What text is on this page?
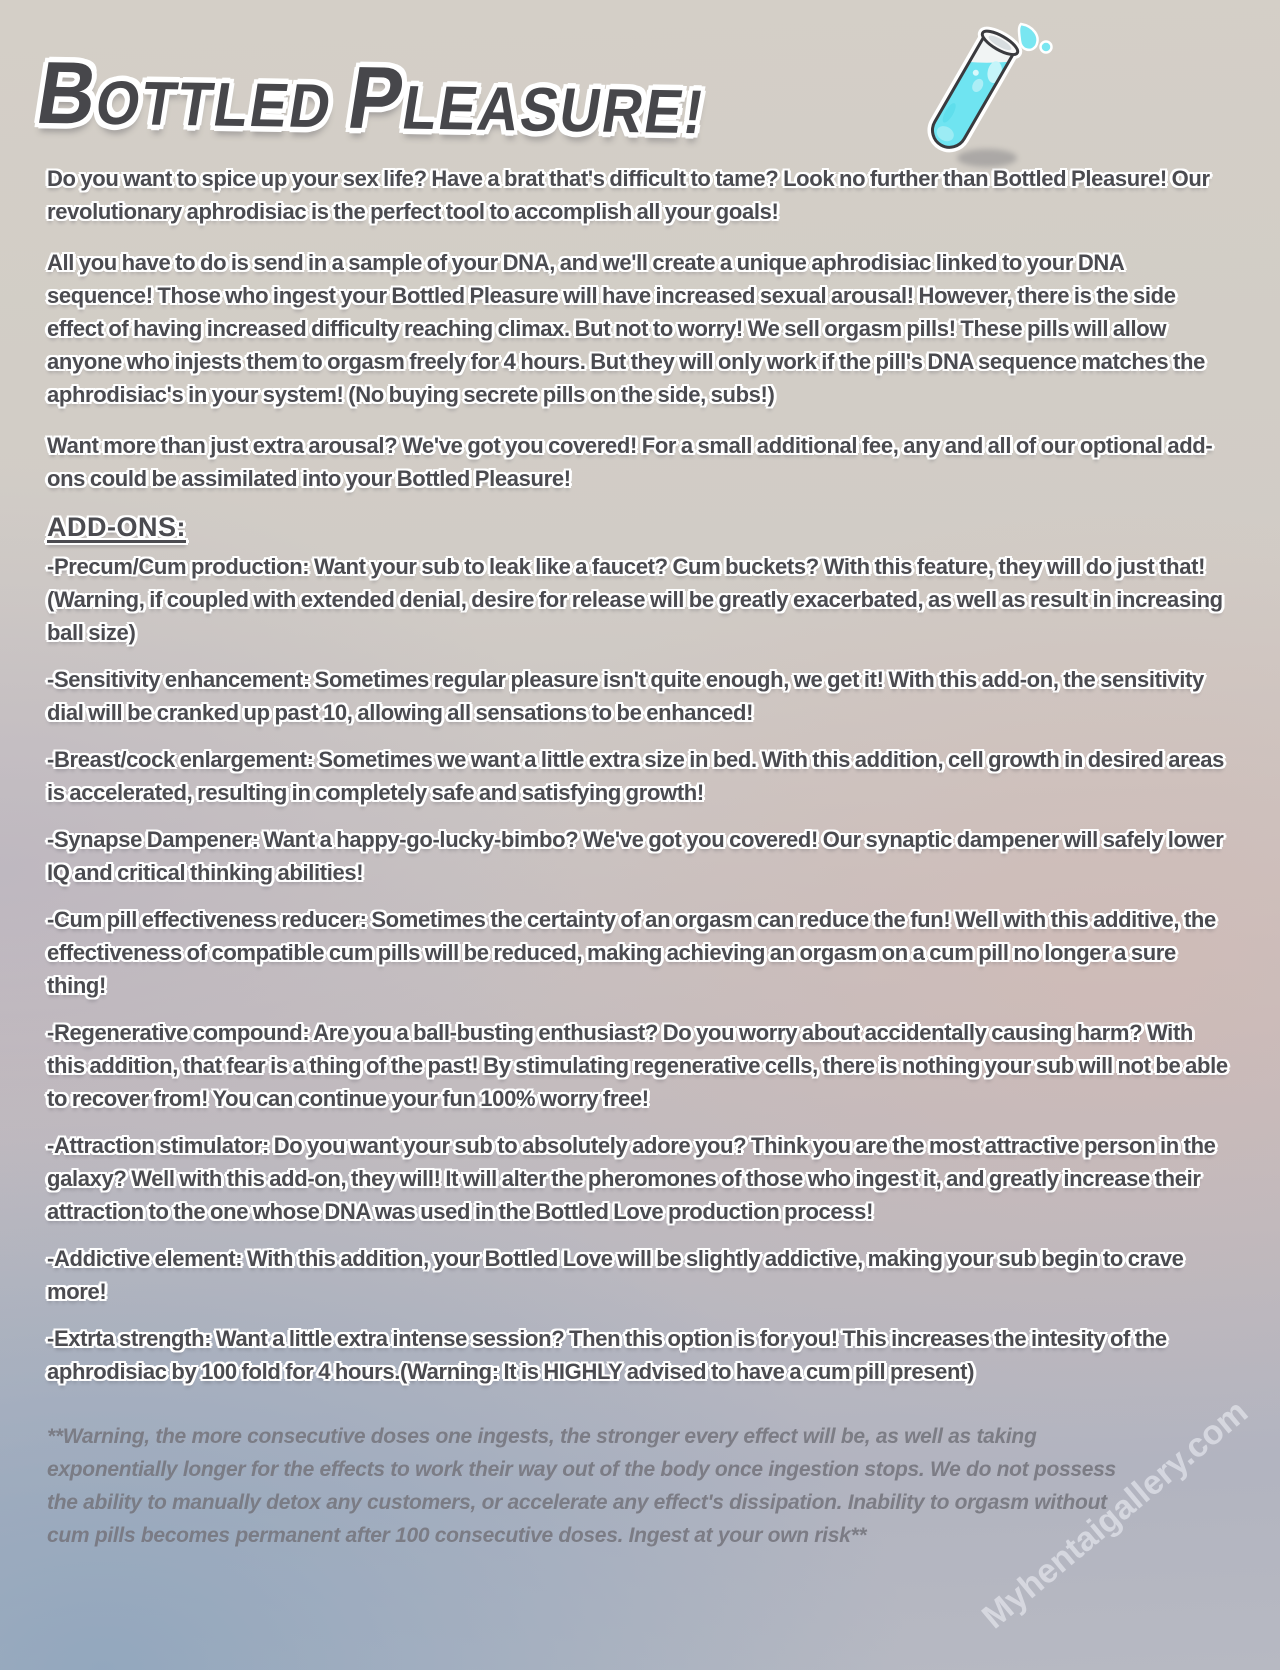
BOTTLEDPLEASURE!

Do you want to spice up your sex life? Have a brat that's difficult to tame? Look no further than Bottled Pleasure! Our revolutionary aphrodisiac is the perfect tool to accomplish all your goals!

All you have to do is send in a sample of your DNA, and we'll create a unique aphrodisiac linked to your DNA sequence! Those who ingest your Bottled Pleasure will have increased sexual arousal! However, there is the side effect of having increased difficulty reaching climax. But not to worry! We sell orgasm pills! These pills will allow anyone who injests them to orgasm freely for 4 hours. But they will only work if the pill's DNA sequence matches the aphrodisiac's in your system! (No buying secrete pills on the side, subs!)

Want more than just extra arousal? We've got you covered! For a small additional fee, any and all of our optional add-ons could be assimilated into your Bottled Pleasure!

ADD-ONS:

-Precum/Cum production: Want your sub to leak like a faucet? Cum buckets? With this feature, they will do just that! (Warning, if coupled with extended denial, desire for release will be greatly exacerbated, as well as result in increasing ball size)

-Sensitivity enhancement: Sometimes regular pleasure isn't quite enough, we get it! With this add-on, the sensitivity dial will be cranked up past 10, allowing all sensations to be enhanced!

-Breast/cock enlargement: Sometimes we want a little extra size in bed. With this addition, cell growth in desired areas is accelerated, resulting in completely safe and satisfying growth!

-Synapse Dampener: Want a happy-go-lucky-bimbo? We've got you covered! Our synaptic dampener will safely lower IQ and critical thinking abilities!

-Cum pill effectiveness reducer: Sometimes the certainty of an orgasm can reduce the fun! Well with this additive, the effectiveness of compatible cum pills will be reduced, making achieving an orgasm on a cum pill no longer a sure thing!

-Regenerative compound: Are you a ball-busting enthusiast? Do you worry about accidentally causing harm? With this addition, that fear is a thing of the past! By stimulating regenerative cells, there is nothing your sub will not be able to recover from! You can continue your fun 100% worry free!

-Attraction stimulator: Do you want your sub to absolutely adore you? Think you are the most attractive person in the galaxy? Well with this add-on, they will! It will alter the pheromones of those who ingest it, and greatly increase their attraction to the one whose DNA was used in the Bottled Love production process!

-Addictive element: With this addition, your Bottled Love will be slightly addictive, making your sub begin to crave more!

-Extrta strength: Want a little extra intense session? Then this option is for you! This increases the intesity of the aphrodisiac by 100 fold for 4 hours.(Warning: It is HIGHLY advised to have a cum pill present)

**Warning, the more consecutive doses one ingests, the stronger every effect will be, as well as taking exponentially longer for the effects to work their way out of the body once ingestion stops. We do not possess the ability to manually detox any customers, or accelerate any effect's dissipation. Inability to orgasm without cum pills becomes permanent after 100 consecutive doses. Ingest at your own risk**	Myhentaigallery.com
